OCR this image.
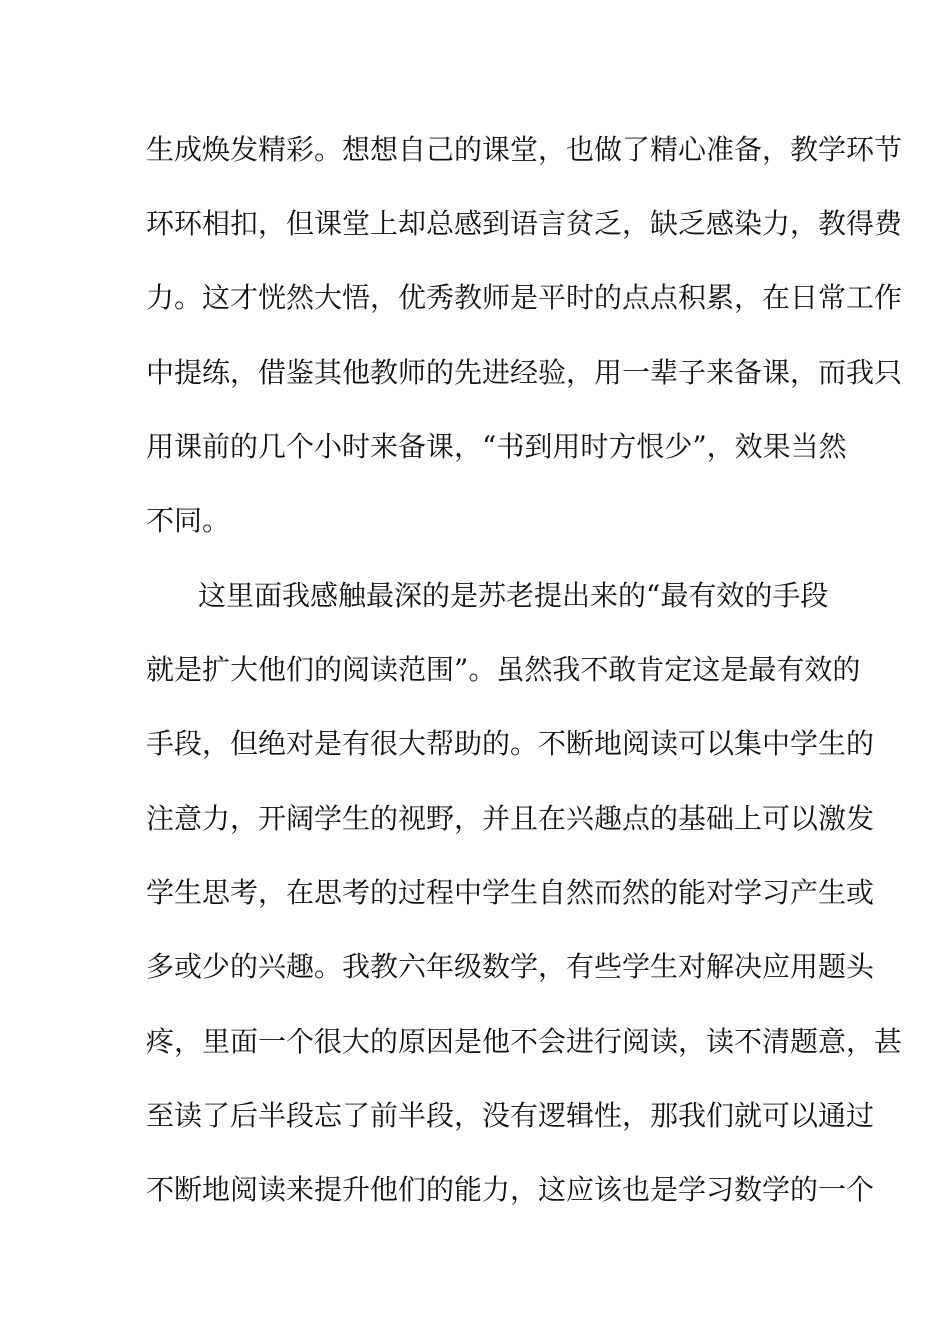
生成焕发精彩。想想自己的课堂，也做了精心准备，教学环节
环环相扣，但课堂上却总感到语言贫乏，缺乏感染力，教得费
力。这才恍然大悟，优秀教师是平时的点点积累，在日常工作
中提练，借鉴其他教师的先进经验，用一辈子来备课，而我只
用课前的几个小时来备课，“书到用时方恨少”，效果当然
不同。
这里面我感触最深的是苏老提出来的“最有效的手段
就是扩大他们的阅读范围”。虽然我不敢肯定这是最有效的
手段，但绝对是有很大帮助的。不断地阅读可以集中学生的
注意力，开阔学生的视野，并且在兴趣点的基础上可以激发
学生思考，在思考的过程中学生自然而然的能对学习产生或
多或少的兴趣。我教六年级数学，有些学生对解决应用题头
疼，里面一个很大的原因是他不会进行阅读，读不清题意，甚
至读了后半段忘了前半段，没有逻辑性，那我们就可以通过
不断地阅读来提升他们的能力，这应该也是学习数学的一个
